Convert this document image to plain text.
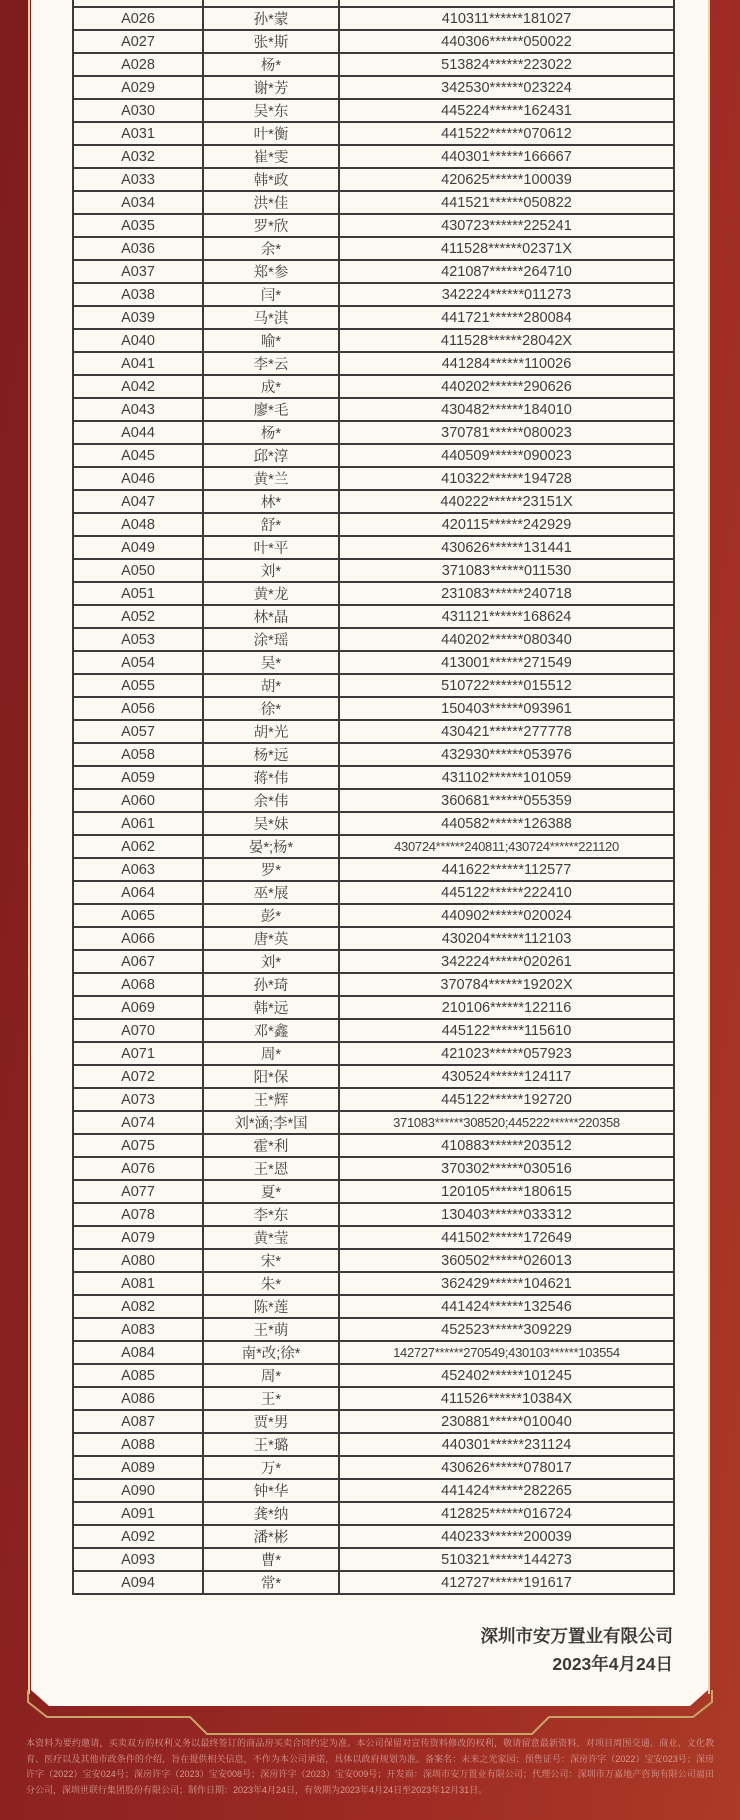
A026	孙*蒙	410311******181027
A027	张*斯	440306******050022
A028	杨*	513824******223022
A029	谢*芳	342530******023224
A030	吴*东	445224******162431
A031	叶*衡	441522******070612
A032	崔*雯	440301******166667
A033	韩*政	420625******100039
A034	洪*佳	441521******050822
A035	罗*欣	430723******225241
A036	余*	411528******02371X
A037	郑*参	421087******264710
A038	闫*	342224******011273
A039	马*淇	441721******280084
A040	喻*	411528******28042X
A041	李*云	441284******110026
A042	成*	440202******290626
A043	廖*毛	430482******184010
A044	杨*	370781******080023
A045	邱*淳	440509******090023
A046	黄*兰	410322******194728
A047	林*	440222******23151X
A048	舒*	420115******242929
A049	叶*平	430626******131441
A050	刘*	371083******011530
A051	黄*龙	231083******240718
A052	林*晶	431121******168624
A053	涂*瑶	440202******080340
A054	吴*	413001******271549
A055	胡*	510722******015512
A056	徐*	150403******093961
A057	胡*光	430421******277778
A058	杨*远	432930******053976
A059	蒋*伟	431102******101059
A060	余*伟	360681******055359
A061	吴*妹	440582******126388
A062	晏*;杨*	430724******240811;430724******221120
A063	罗*	441622******112577
A064	巫*展	445122******222410
A065	彭*	440902******020024
A066	唐*英	430204******112103
A067	刘*	342224******020261
A068	孙*琦	370784******19202X
A069	韩*远	210106******122116
A070	邓*鑫	445122******115610
A071	周*	421023******057923
A072	阳*保	430524******124117
A073	王*辉	445122******192720
A074	刘*涵;李*国	371083******308520;445222******220358
A075	霍*利	410883******203512
A076	王*恩	370302******030516
A077	夏*	120105******180615
A078	李*东	130403******033312
A079	黄*莹	441502******172649
A080	宋*	360502******026013
A081	朱*	362429******104621
A082	陈*莲	441424******132546
A083	王*萌	452523******309229
A084	南*改;徐*	142727******270549;430103******103554
A085	周*	452402******101245
A086	王*	411526******10384X
A087	贾*男	230881******010040
A088	王*璐	440301******231124
A089	万*	430626******078017
A090	钟*华	441424******282265
A091	龚*纳	412825******016724
A092	潘*彬	440233******200039
A093	曹*	510321******144273
A094	常*	412727******191617
深圳市安万置业有限公司
2023年4月24日
本资料为要约邀请，买卖双方的权利义务以最终签订的商品房买卖合同约定为准。本公司保留对宣传资料修改的权利，敬请留意最新资料，对项目周围交通、商业、文化教育、医疗以及其他市政条件的介绍，旨在提供相关信息，不作为本公司承诺，具体以政府规划为准。备案名：未来之光家园；预售证号：深房许字（2022）宝安023号；深房许字（2022）宝安024号；深房许字（2023）宝安008号；深房许字（2023）宝安009号；开发商：深圳市安万置业有限公司；代理公司：深圳市万嘉地产咨询有限公司福田分公司，深圳世联行集团股份有限公司；制作日期：2023年4月24日，有效期为2023年4月24日至2023年12月31日。
